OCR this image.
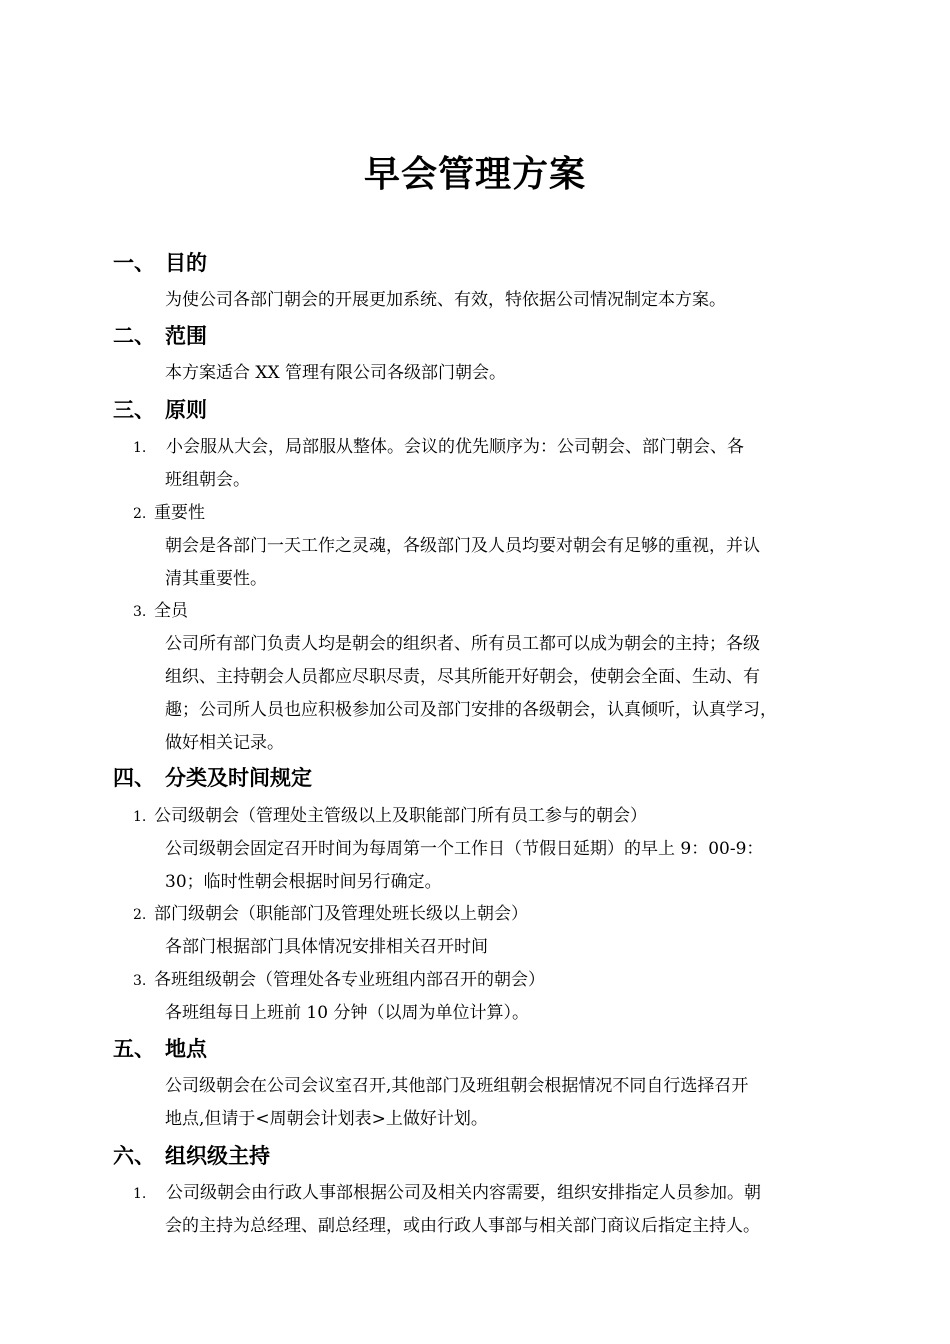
早会管理方案
一、 目的
为使公司各部门朝会的开展更加系统、有效，特依据公司情况制定本方案。
二、 范围
本方案适合 XX 管理有限公司各级部门朝会。
三、 原则
1. 小会服从大会，局部服从整体。会议的优先顺序为：公司朝会、部门朝会、各
班组朝会。
2. 重要性
朝会是各部门一天工作之灵魂，各级部门及人员均要对朝会有足够的重视，并认
清其重要性。
3. 全员
公司所有部门负责人均是朝会的组织者、所有员工都可以成为朝会的主持；各级
组织、主持朝会人员都应尽职尽责，尽其所能开好朝会，使朝会全面、生动、有
趣；公司所人员也应积极参加公司及部门安排的各级朝会，认真倾听，认真学习，
做好相关记录。
四、 分类及时间规定
1. 公司级朝会（管理处主管级以上及职能部门所有员工参与的朝会）
公司级朝会固定召开时间为每周第一个工作日（节假日延期）的早上 9：00-9：
30；临时性朝会根据时间另行确定。
2. 部门级朝会（职能部门及管理处班长级以上朝会）
各部门根据部门具体情况安排相关召开时间
3. 各班组级朝会（管理处各专业班组内部召开的朝会）
各班组每日上班前 10 分钟（以周为单位计算）。
五、 地点
公司级朝会在公司会议室召开,其他部门及班组朝会根据情况不同自行选择召开
地点,但请于<周朝会计划表>上做好计划。
六、 组织级主持
1. 公司级朝会由行政人事部根据公司及相关内容需要，组织安排指定人员参加。朝
会的主持为总经理、副总经理，或由行政人事部与相关部门商议后指定主持人。
